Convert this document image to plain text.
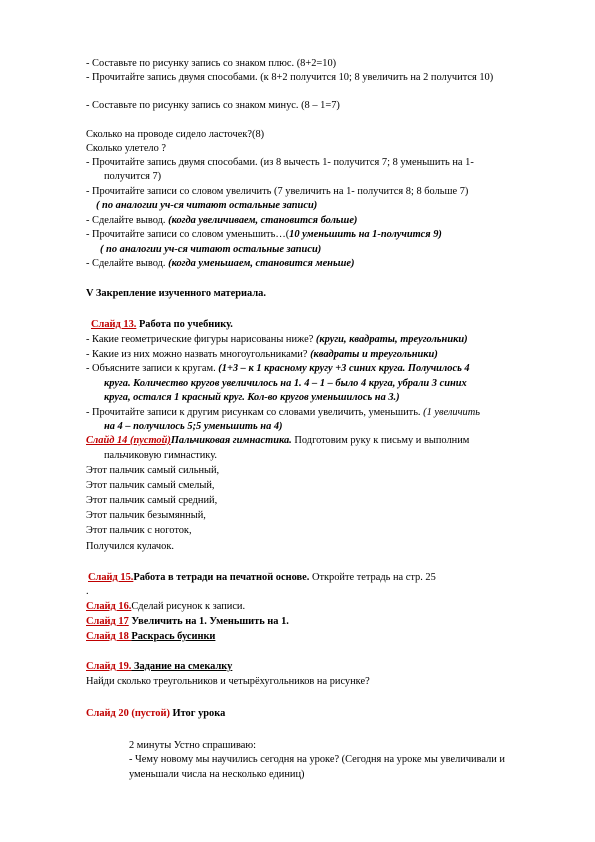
- Составьте по рисунку запись со знаком плюс. (8+2=10)
- Прочитайте запись двумя способами. (к 8+2 получится 10; 8 увеличить на 2 получится 10)
- Составьте по рисунку запись со знаком минус. (8 – 1=7)
Сколько на проводе сидело ласточек?(8)
Сколько улетело ?
- Прочитайте запись двумя способами. (из 8 вычесть 1- получится 7; 8 уменьшить на 1-
получится 7)
- Прочитайте записи со словом увеличить (7 увеличить на 1- получится 8; 8 больше 7)
( по аналогии уч-ся читают остальные записи)
- Сделайте вывод. (когда увеличиваем, становится больше)
- Прочитайте записи со словом уменьшить…(10 уменьшить на 1-получится 9)
( по аналогии уч-ся читают остальные записи)
- Сделайте вывод. (когда уменьшаем, становится меньше)
V Закрепление изученного материала.
Слайд 13. Работа по учебнику.
- Какие геометрические фигуры нарисованы ниже? (круги, квадраты, треугольники)
- Какие из них можно назвать многоугольниками? (квадраты и треугольники)
- Объясните записи к кругам. (1+3 – к 1 красному кругу +3 синих круга. Получилось 4
круга. Количество кругов увеличилось на 1. 4 – 1 – было 4 круга, убрали 3 синих
круга, остался 1 красный круг. Кол-во кругов уменьшилось на 3.)
- Прочитайте записи к другим рисункам со словами увеличить, уменьшить. (1 увеличить
на 4 – получилось 5;5 уменьшить на 4)
Слайд 14 (пустой)Пальчиковая гимнастика. Подготовим руку к письму и выполним
пальчиковую гимнастику.
Этот пальчик самый сильный,
Этот пальчик самый смелый,
Этот пальчик самый средний,
Этот пальчик безымянный,
Этот пальчик с ноготок,
Получился кулачок.
Слайд 15.Работа в тетради на печатной основе. Откройте тетрадь на стр. 25
.
Слайд 16.Сделай рисунок к записи.
Слайд 17 Увеличить на 1. Уменьшить на 1.
Слайд 18 Раскрась бусинки
Слайд 19. Задание на смекалку
Найди сколько треугольников и четырёхугольников на рисунке?
Слайд 20 (пустой) Итог урока
2 минуты Устно спрашиваю:
- Чему новому мы научились сегодня на уроке? (Сегодня на уроке мы увеличивали и
уменьшали числа на несколько единиц)
